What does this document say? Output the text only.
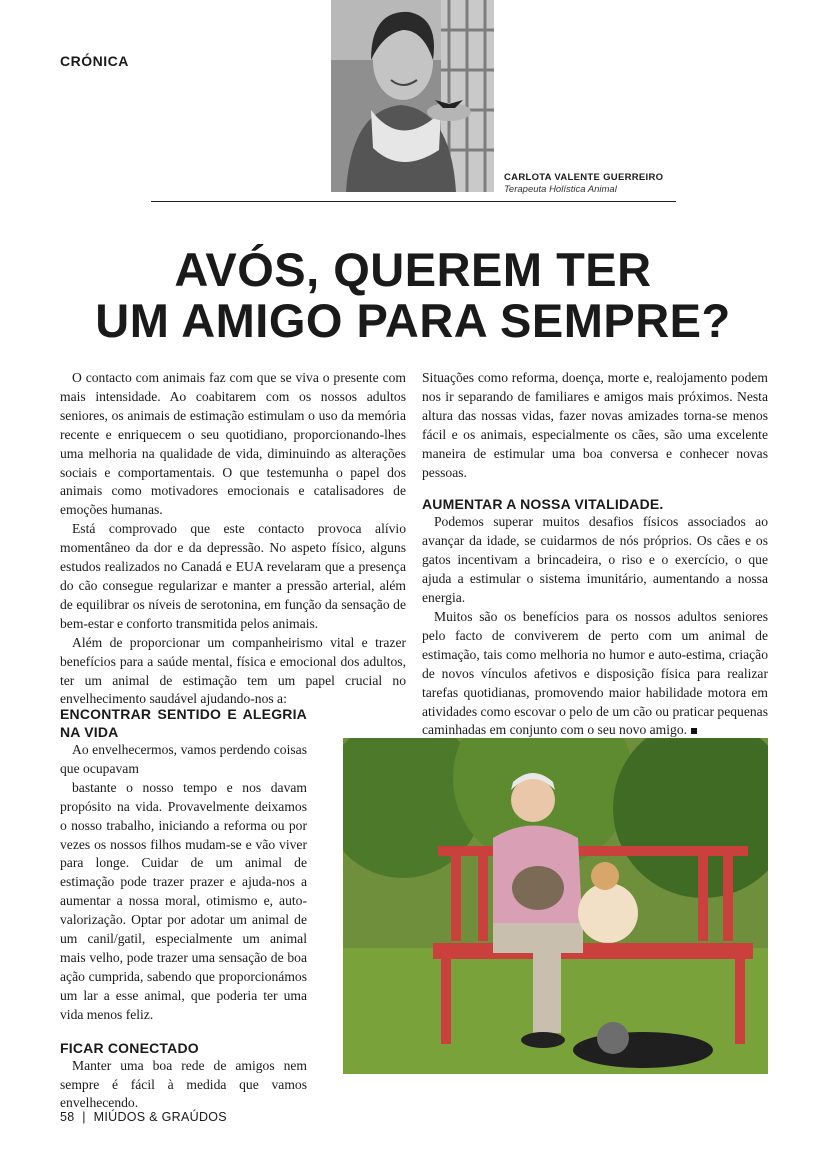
CRÓNICA
CARLOTA VALENTE GUERREIRO
Terapeuta Holística Animal
AVÓS, QUEREM TER
UM AMIGO PARA SEMPRE?

O contacto com animais faz com que se viva o presente com mais intensidade. Ao coabitarem com os nossos adultos seniores, os animais de estimação estimulam o uso da memória recente e enriquecem o seu quotidiano, proporcionando-lhes uma melhoria na qualidade de vida, diminuindo as alterações sociais e comportamentais. O que testemunha o papel dos animais como motivadores emocionais e catalisadores de emoções humanas.

Está comprovado que este contacto provoca alívio momentâneo da dor e da depressão. No aspeto físico, alguns estudos realizados no Canadá e EUA revelaram que a presença do cão consegue regularizar e manter a pressão arterial, além de equilibrar os níveis de serotonina, em função da sensação de bem-estar e conforto transmitida pelos animais.

Além de proporcionar um companheirismo vital e trazer benefícios para a saúde mental, física e emocional dos adultos, ter um animal de estimação tem um papel crucial no envelhecimento saudável ajudando-nos a:

ENCONTRAR SENTIDO E ALEGRIA NA VIDA

Ao envelhecermos, vamos perdendo coisas que ocupavam

bastante o nosso tempo e nos davam propósito na vida. Provavelmente deixamos o nosso trabalho, iniciando a reforma ou por vezes os nossos filhos mudam-se e vão viver para longe. Cuidar de um animal de estimação pode trazer prazer e ajuda-nos a aumentar a nossa moral, otimismo e, auto- valorização. Optar por adotar um animal de um canil/gatil, especialmente um animal mais velho, pode trazer uma sensação de boa ação cumprida, sabendo que proporcionámos um lar a esse animal, que poderia ter uma vida menos feliz.

FICAR CONECTADO

Manter uma boa rede de amigos nem sempre é fácil à medida que vamos envelhecendo.

Situações como reforma, doença, morte e, realojamento podem nos ir separando de familiares e amigos mais próximos. Nesta altura das nossas vidas, fazer novas amizades torna-se menos fácil e os animais, especialmente os cães, são uma excelente maneira de estimular uma boa conversa e conhecer novas pessoas.

AUMENTAR A NOSSA VITALIDADE.

Podemos superar muitos desafios físicos associados ao avançar da idade, se cuidarmos de nós próprios. Os cães e os gatos incentivam a brincadeira, o riso e o exercício, o que ajuda a estimular o sistema imunitário, aumentando a nossa energia.

Muitos são os benefícios para os nossos adultos seniores pelo facto de conviverem de perto com um animal de estimação, tais como melhoria no humor e auto-estima, criação de novos vínculos afetivos e disposição física para realizar tarefas quotidianas, promovendo maior habilidade motora em atividades como escovar o pelo de um cão ou praticar pequenas caminhadas em conjunto com o seu novo amigo.

58 | MIÚDOS & GRAÚDOS
